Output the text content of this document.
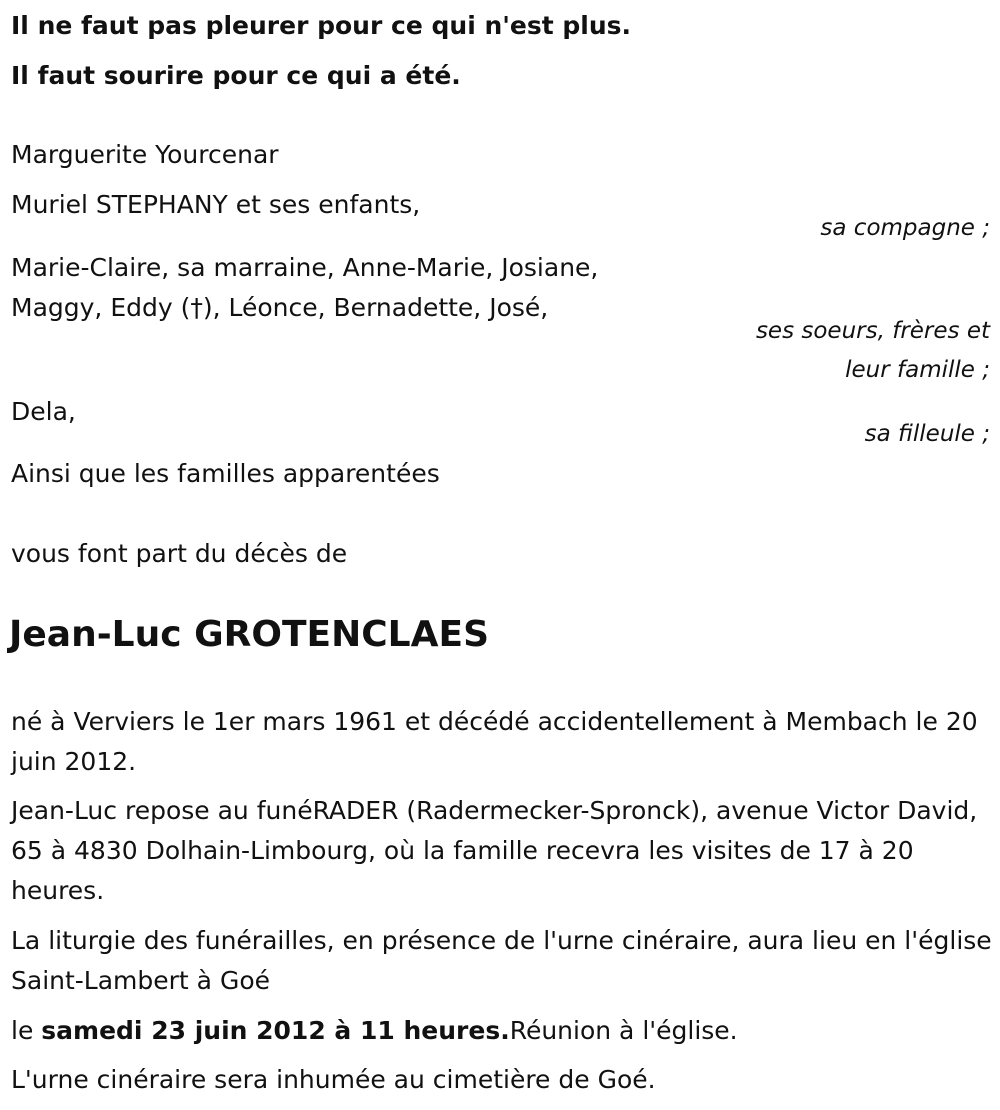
Il ne faut pas pleurer pour ce qui n'est plus.
Il faut sourire pour ce qui a été.
Marguerite Yourcenar
Muriel STEPHANY et ses enfants,
sa compagne ;
Marie-Claire, sa marraine, Anne-Marie, Josiane,
Maggy, Eddy (†), Léonce, Bernadette, José,
ses soeurs, frères et
leur famille ;
Dela,
sa filleule ;
Ainsi que les familles apparentées
vous font part du décès de
Jean-Luc GROTENCLAES
né à Verviers le 1er mars 1961 et décédé accidentellement à Membach le 20 juin 2012.
Jean-Luc repose au funéRADER (Radermecker-Spronck), avenue Victor David, 65 à 4830 Dolhain-Limbourg, où la famille recevra les visites de 17 à 20 heures.
La liturgie des funérailles, en présence de l'urne cinéraire, aura lieu en l'église Saint-Lambert à Goé
le samedi 23 juin 2012 à 11 heures.Réunion à l'église.
L'urne cinéraire sera inhumée au cimetière de Goé.
